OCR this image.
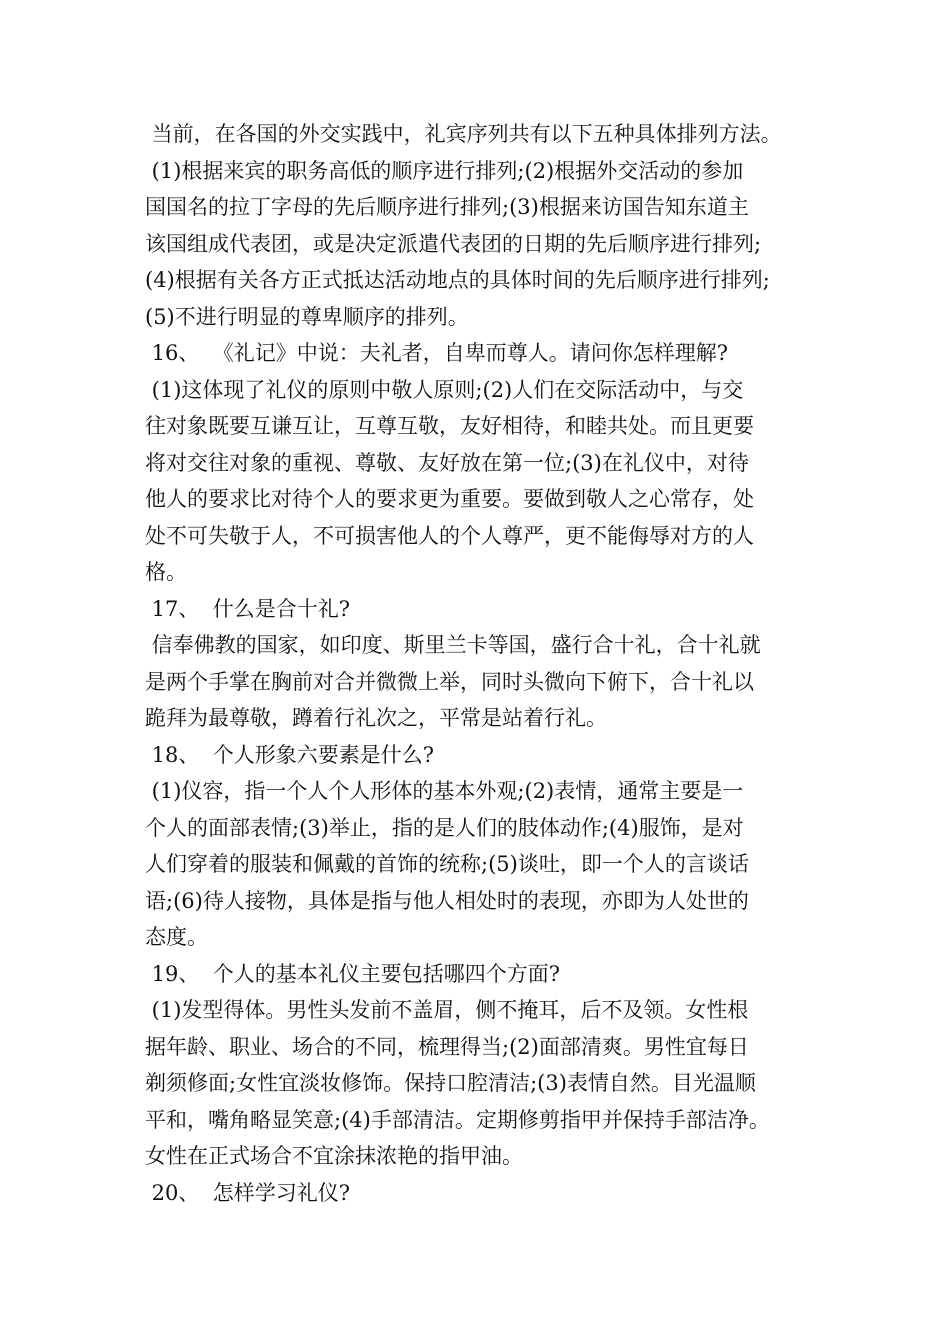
当前，在各国的外交实践中，礼宾序列共有以下五种具体排列方法。
(1)根据来宾的职务高低的顺序进行排列;(2)根据外交活动的参加
国国名的拉丁字母的先后顺序进行排列;(3)根据来访国告知东道主
该国组成代表团，或是决定派遣代表团的日期的先后顺序进行排列;
(4)根据有关各方正式抵达活动地点的具体时间的先后顺序进行排列;
(5)不进行明显的尊卑顺序的排列。
16、  《礼记》中说：夫礼者，自卑而尊人。请问你怎样理解?
(1)这体现了礼仪的原则中敬人原则;(2)人们在交际活动中，与交
往对象既要互谦互让，互尊互敬，友好相待，和睦共处。而且更要
将对交往对象的重视、尊敬、友好放在第一位;(3)在礼仪中，对待
他人的要求比对待个人的要求更为重要。要做到敬人之心常存，处
处不可失敬于人，不可损害他人的个人尊严，更不能侮辱对方的人
格。
17、  什么是合十礼?
信奉佛教的国家，如印度、斯里兰卡等国，盛行合十礼，合十礼就
是两个手掌在胸前对合并微微上举，同时头微向下俯下，合十礼以
跪拜为最尊敬，蹲着行礼次之，平常是站着行礼。
18、  个人形象六要素是什么?
(1)仪容，指一个人个人形体的基本外观;(2)表情，通常主要是一
个人的面部表情;(3)举止，指的是人们的肢体动作;(4)服饰，是对
人们穿着的服装和佩戴的首饰的统称;(5)谈吐，即一个人的言谈话
语;(6)待人接物，具体是指与他人相处时的表现，亦即为人处世的
态度。
19、  个人的基本礼仪主要包括哪四个方面?
(1)发型得体。男性头发前不盖眉，侧不掩耳，后不及领。女性根
据年龄、职业、场合的不同，梳理得当;(2)面部清爽。男性宜每日
剃须修面;女性宜淡妆修饰。保持口腔清洁;(3)表情自然。目光温顺
平和，嘴角略显笑意;(4)手部清洁。定期修剪指甲并保持手部洁净。
女性在正式场合不宜涂抹浓艳的指甲油。
20、  怎样学习礼仪?
